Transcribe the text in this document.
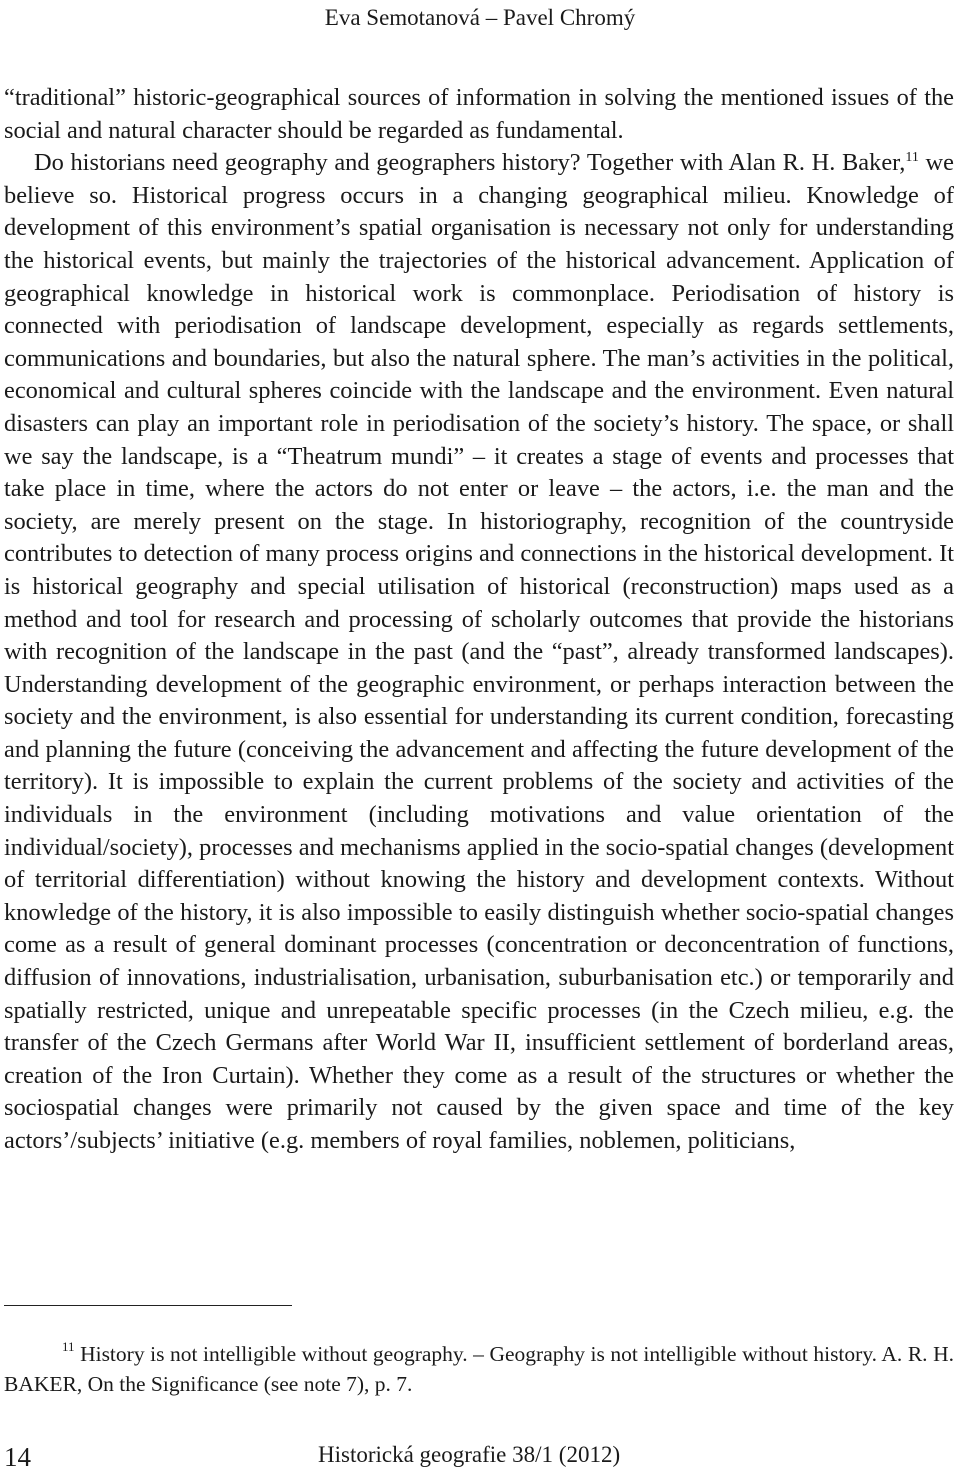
Eva Semotanová – Pavel Chromý

“traditional” historic-geographical sources of information in solving the mentioned issues of the social and natural character should be regarded as fundamental.

Do historians need geography and geographers history? Together with Alan R. H. Baker,$^{11}$ we believe so. Historical progress occurs in a changing geographical milieu. Knowledge of development of this environment’s spatial organisation is necessary not only for understanding the historical events, but mainly the trajectories of the historical advancement. Application of geographical knowledge in historical work is commonplace. Periodisation of history is connected with periodisation of landscape development, especially as regards settlements, communications and boundaries, but also the natural sphere. The man’s activities in the political, economical and cultural spheres coincide with the landscape and the environment. Even natural disasters can play an important role in periodisation of the society’s history. The space, or shall we say the landscape, is a “Theatrum mundi” – it creates a stage of events and processes that take place in time, where the actors do not enter or leave – the actors, i.e. the man and the society, are merely present on the stage. In historiography, recognition of the countryside contributes to detection of many process origins and connections in the historical development. It is historical geography and special utilisation of historical (reconstruction) maps used as a method and tool for research and processing of scholarly outcomes that provide the historians with recognition of the landscape in the past (and the “past”, already transformed landscapes). Understanding development of the geographic environment, or perhaps interaction between the society and the environment, is also essential for understanding its current condition, forecasting and planning the future (conceiving the advancement and affecting the future development of the territory). It is impossible to explain the current problems of the society and activities of the individuals in the environment (including motivations and value orientation of the individual/society), processes and mechanisms applied in the socio-spatial changes (development of territorial differentiation) without knowing the history and development contexts. Without knowledge of the history, it is also impossible to easily distinguish whether socio-spatial changes come as a result of general dominant processes (concentration or deconcentration of functions, diffusion of innovations, industrialisation, urbanisation, suburbanisation etc.) or temporarily and spatially restricted, unique and unrepeatable specific processes (in the Czech milieu, e.g. the transfer of the Czech Germans after World War II, insufficient settlement of borderland areas, creation of the Iron Curtain). Whether they come as a result of the structures or whether the sociospatial changes were primarily not caused by the given space and time of the key actors’/subjects’ initiative (e.g. members of royal families, noblemen, politicians,

$^{11}$ History is not intelligible without geography. – Geography is not intelligible without history. A. R. H. BAKER, On the Significance (see note 7), p. 7.

14	Historická geografie 38/1 (2012)
